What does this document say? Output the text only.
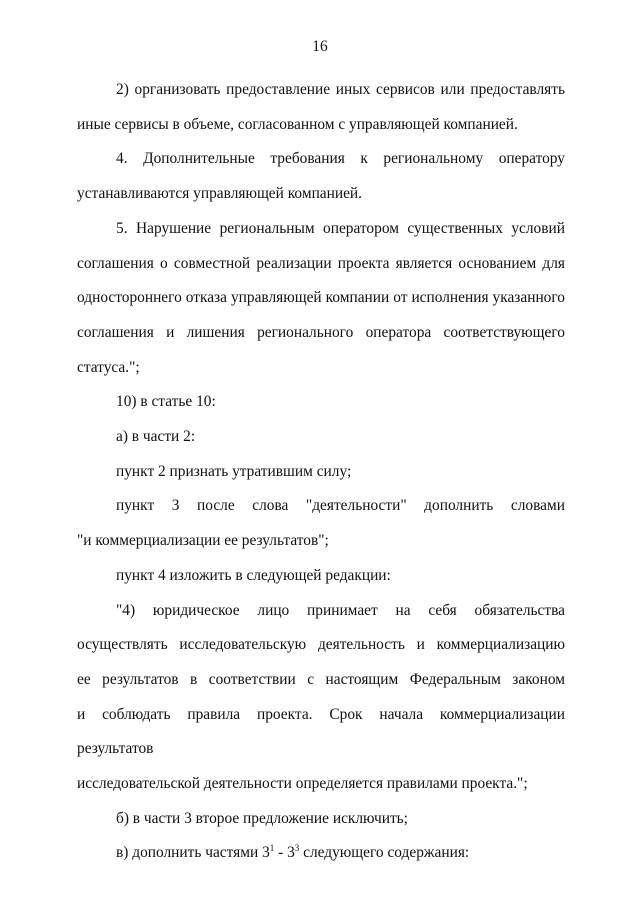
16

2) организовать предоставление иных сервисов или предоставлять
иные сервисы в объеме, согласованном с управляющей компанией.

4. Дополнительные требования к региональному оператору
устанавливаются управляющей компанией.

5. Нарушение региональным оператором существенных условий
соглашения о совместной реализации проекта является основанием для
одностороннего отказа управляющей компании от исполнения указанного
соглашения и лишения регионального оператора соответствующего
статуса.";

10) в статье 10:

а) в части 2:

пункт 2 признать утратившим силу;

пункт 3 после слова "деятельности" дополнить словами
"и коммерциализации ее результатов";

пункт 4 изложить в следующей редакции:

"4) юридическое лицо принимает на себя обязательства
осуществлять исследовательскую деятельность и коммерциализацию
ее результатов в соответствии с настоящим Федеральным законом
и соблюдать правила проекта. Срок начала коммерциализации результатов
исследовательской деятельности определяется правилами проекта.";

б) в части 3 второе предложение исключить;

в) дополнить частями $3^1 - 3^3$ следующего содержания:
